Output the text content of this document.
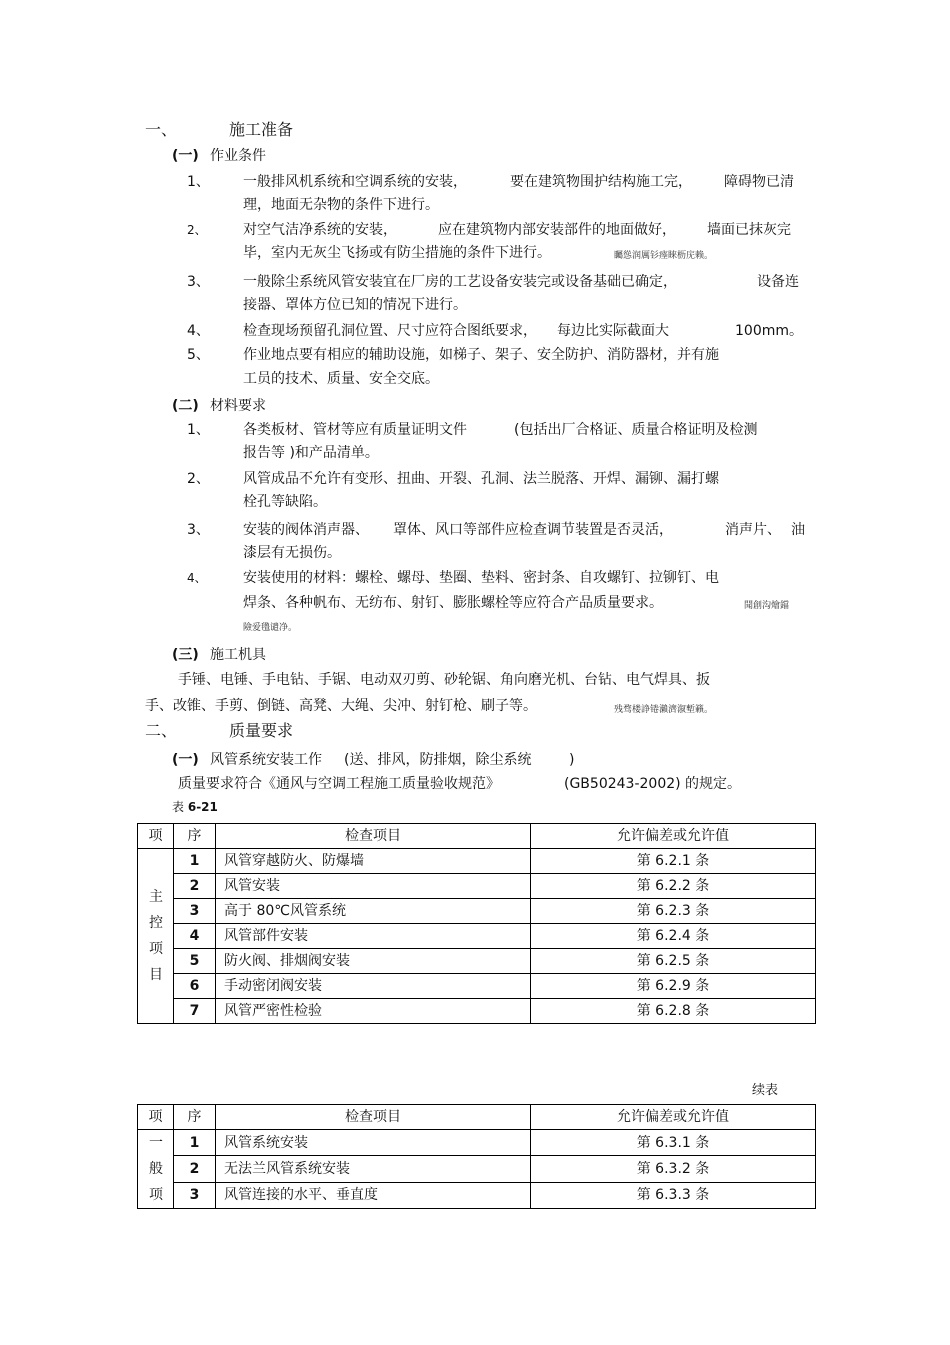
一、	施工准备
(一) 作业条件
1、 一般排风机系统和空调系统的安装，	要在建筑物围护结构施工完， 障碍物已清
理，地面无杂物的条件下进行。
2、	对空气洁净系统的安装，	应在建筑物内部安装部件的地面做好， 墙面已抹灰完
毕，室内无灰尘飞扬或有防尘措施的条件下进行。	矚慫润厲钐瘗睞枥庑赖。
3、 一般除尘系统风管安装宜在厂房的工艺设备安装完或设备基础已确定，	设备连
接器、罩体方位已知的情况下进行。
4、 检查现场预留孔洞位置、尺寸应符合图纸要求， 每边比实际截面大	100mm。
5、 作业地点要有相应的辅助设施，如梯子、架子、安全防护、消防器材，并有施
工员的技术、质量、安全交底。
(二) 材料要求
1、 各类板材、管材等应有质量证明文件	(包括出厂合格证、质量合格证明及检测
报告等 )和产品清单。
2、 风管成品不允许有变形、扭曲、开裂、孔洞、法兰脱落、开焊、漏铆、漏打螺
栓孔等缺陷。
3、 安装的阀体消声器、 罩体、风口等部件应检查调节装置是否灵活，	消声片、 油
漆层有无损伤。
4、	安装使用的材料：螺栓、螺母、垫圈、垫料、密封条、自攻螺钉、拉铆钉、电
焊条、各种帆布、无纺布、射钉、膨胀螺栓等应符合产品质量要求。	聞創沟燴鐺
險爱氇谴净。
(三) 施工机具
手锤、电锤、手电钻、手锯、电动双刃剪、砂轮锯、角向磨光机、台钻、电气焊具、扳
手、改锥、手剪、倒链、高凳、大绳、尖冲、射钉枪、刷子等。	残骛楼諍锩瀨濟溆塹籟。
二、	质量要求
(一) 风管系统安装工作 (送、排风，防排烟，除尘系统	)
质量要求符合《通风与空调工程施工质量验收规范》	(GB50243-2002) 的规定。
表 6-21
项	序	检查项目	允许偏差或允许值
主控项目	1	风管穿越防火、防爆墙	第 6.2.1 条
	2	风管安装	第 6.2.2 条
	3	高于 80℃风管系统	第 6.2.3 条
	4	风管部件安装	第 6.2.4 条
	5	防火阀、排烟阀安装	第 6.2.5 条
	6	手动密闭阀安装	第 6.2.9 条
	7	风管严密性检验	第 6.2.8 条
续表
项	序	检查项目	允许偏差或允许值
一般项	1	风管系统安装	第 6.3.1 条
	2	无法兰风管系统安装	第 6.3.2 条
	3	风管连接的水平、垂直度	第 6.3.3 条
